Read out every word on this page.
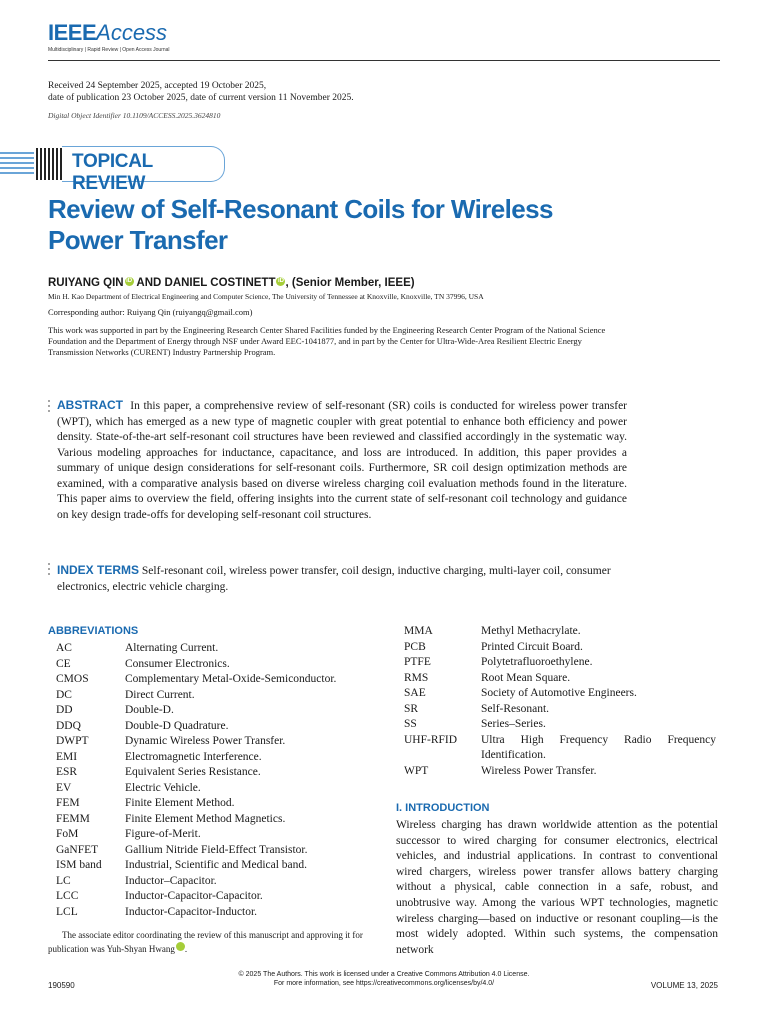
IEEEAccess
Multidisciplinary | Rapid Review | Open Access Journal
Received 24 September 2025, accepted 19 October 2025,
date of publication 23 October 2025, date of current version 11 November 2025.
Digital Object Identifier 10.1109/ACCESS.2025.3624810
TOPICAL REVIEW
Review of Self-Resonant Coils for Wireless Power Transfer
RUIYANG QIN iD AND DANIEL COSTINETT iD , (Senior Member, IEEE)
Min H. Kao Department of Electrical Engineering and Computer Science, The University of Tennessee at Knoxville, Knoxville, TN 37996, USA
Corresponding author: Ruiyang Qin (ruiyangq@gmail.com)
This work was supported in part by the Engineering Research Center Shared Facilities funded by the Engineering Research Center Program of the National Science Foundation and the Department of Energy through NSF under Award EEC-1041877, and in part by the Center for Ultra-Wide-Area Resilient Electric Energy Transmission Networks (CURENT) Industry Partnership Program.
ABSTRACT In this paper, a comprehensive review of self-resonant (SR) coils is conducted for wireless power transfer (WPT), which has emerged as a new type of magnetic coupler with great potential to enhance both efficiency and power density. State-of-the-art self-resonant coil structures have been reviewed and classified accordingly in the systematic way. Various modeling approaches for inductance, capacitance, and loss are introduced. In addition, this paper provides a summary of unique design considerations for self-resonant coils. Furthermore, SR coil design optimization methods are examined, with a comparative analysis based on diverse wireless charging coil evaluation methods found in the literature. This paper aims to overview the field, offering insights into the current state of self-resonant coil technology and guidance on key design trade-offs for developing self-resonant coil structures.
INDEX TERMS Self-resonant coil, wireless power transfer, coil design, inductive charging, multi-layer coil, consumer electronics, electric vehicle charging.
ABBREVIATIONS
AC	Alternating Current.
CE	Consumer Electronics.
CMOS	Complementary Metal-Oxide-Semiconductor.
DC	Direct Current.
DD	Double-D.
DDQ	Double-D Quadrature.
DWPT	Dynamic Wireless Power Transfer.
EMI	Electromagnetic Interference.
ESR	Equivalent Series Resistance.
EV	Electric Vehicle.
FEM	Finite Element Method.
FEMM	Finite Element Method Magnetics.
FoM	Figure-of-Merit.
GaNFET	Gallium Nitride Field-Effect Transistor.
ISM band	Industrial, Scientific and Medical band.
LC	Inductor–Capacitor.
LCC	Inductor-Capacitor-Capacitor.
LCL	Inductor-Capacitor-Inductor.
MMA	Methyl Methacrylate.
PCB	Printed Circuit Board.
PTFE	Polytetrafluoroethylene.
RMS	Root Mean Square.
SAE	Society of Automotive Engineers.
SR	Self-Resonant.
SS	Series–Series.
UHF-RFID	Ultra High Frequency Radio Frequency Identification.
WPT	Wireless Power Transfer.
The associate editor coordinating the review of this manuscript and approving it for publication was Yuh-Shyan Hwang	iD.
I. INTRODUCTION
Wireless charging has drawn worldwide attention as the potential successor to wired charging for consumer electronics, electrical vehicles, and industrial applications. In contrast to conventional wired chargers, wireless power transfer allows battery charging without a physical, cable connection in a safe, robust, and unobtrusive way. Among the various WPT technologies, magnetic wireless charging—based on inductive or resonant coupling—is the most widely adopted. Within such systems, the compensation network
190590
© 2025 The Authors. This work is licensed under a Creative Commons Attribution 4.0 License.
For more information, see https://creativecommons.org/licenses/by/4.0/	VOLUME 13, 2025
